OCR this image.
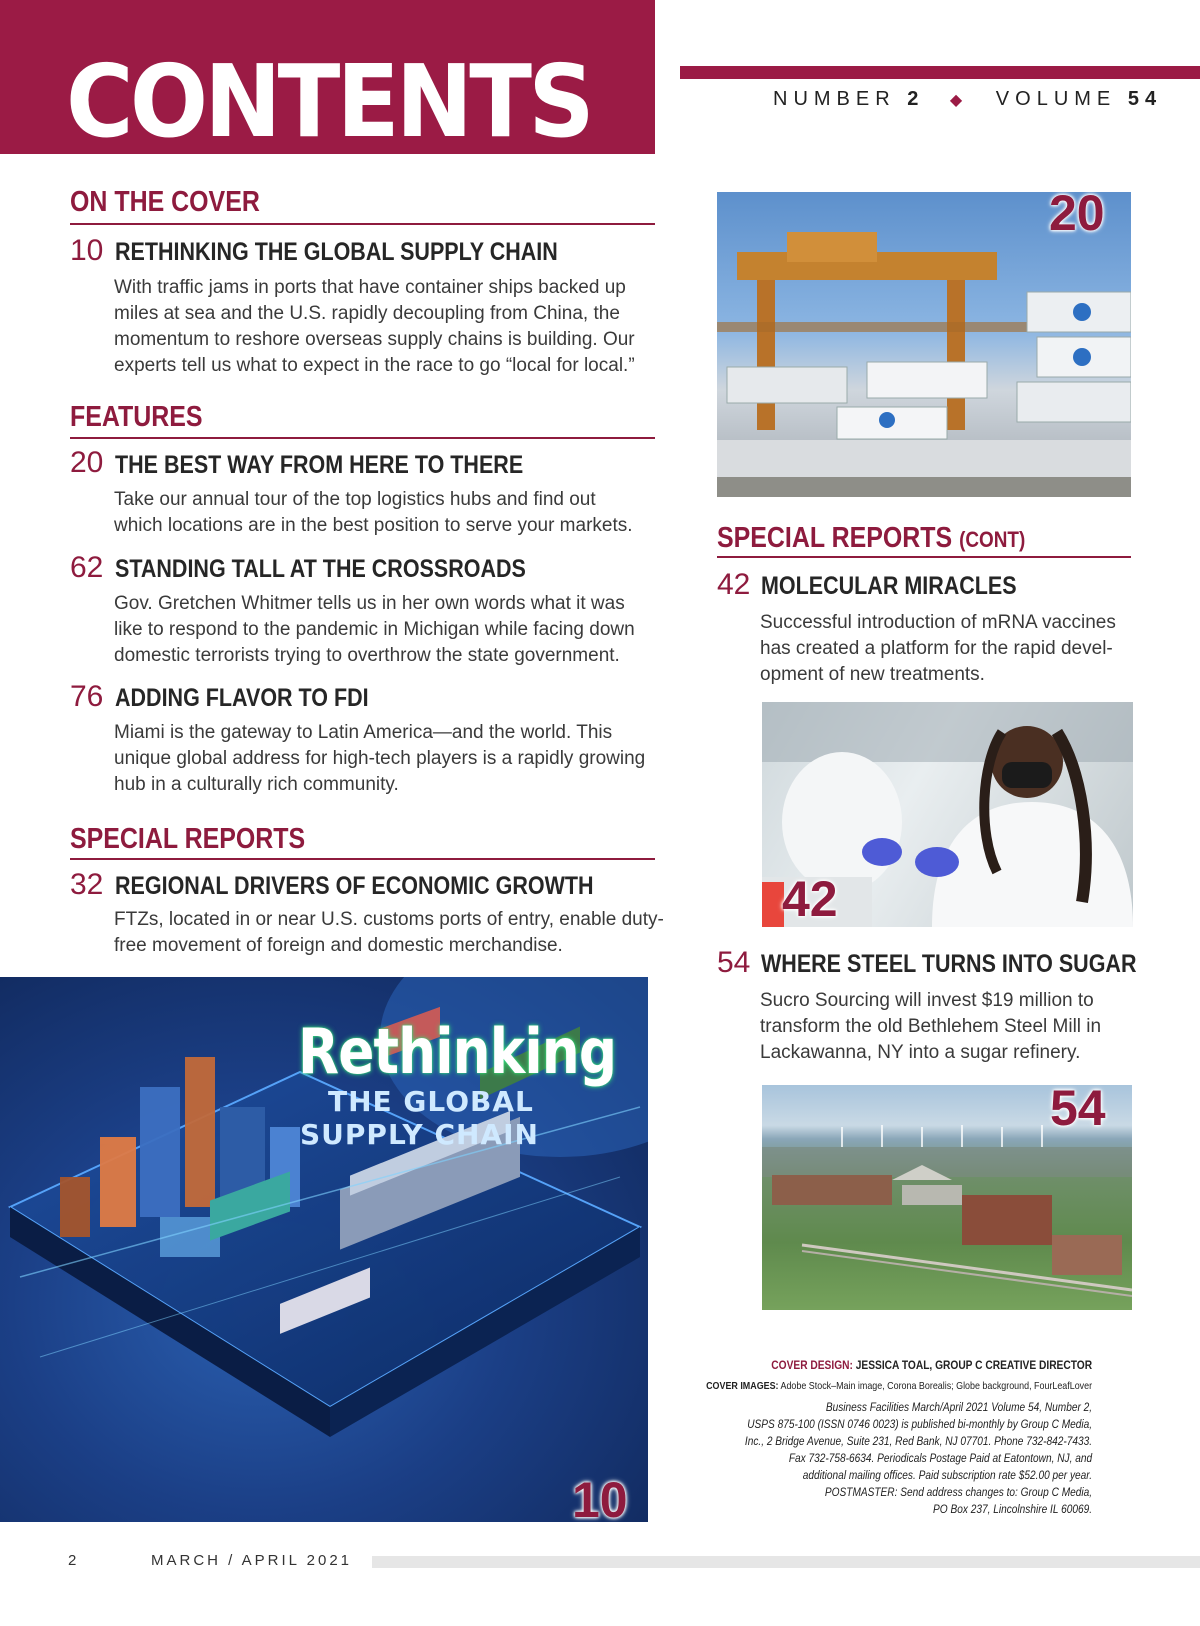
CONTENTS	NUMBER 2 ◆ VOLUME 54
ON THE COVER
10 RETHINKING THE GLOBAL SUPPLY CHAIN
With traffic jams in ports that have container ships backed up
miles at sea and the U.S. rapidly decoupling from China, the
momentum to reshore overseas supply chains is building. Our
experts tell us what to expect in the race to go “local for local.”
FEATURES
20 THE BEST WAY FROM HERE TO THERE
Take our annual tour of the top logistics hubs and find out
which locations are in the best position to serve your markets.
62 STANDING TALL AT THE CROSSROADS
Gov. Gretchen Whitmer tells us in her own words what it was
like to respond to the pandemic in Michigan while facing down
domestic terrorists trying to overthrow the state government.
76 ADDING FLAVOR TO FDI
Miami is the gateway to Latin America—and the world. This
unique global address for high-tech players is a rapidly growing
hub in a culturally rich community.
SPECIAL REPORTS
32 REGIONAL DRIVERS OF ECONOMIC GROWTH
FTZs, located in or near U.S. customs ports of entry, enable duty-
free movement of foreign and domestic merchandise.
Rethinking
THE GLOBAL
SUPPLY CHAIN
10
20
SPECIAL REPORTS (CONT)
42 MOLECULAR MIRACLES
Successful introduction of mRNA vaccines
has created a platform for the rapid devel-
opment of new treatments.
42
54 WHERE STEEL TURNS INTO SUGAR
Sucro Sourcing will invest $19 million to
transform the old Bethlehem Steel Mill in
Lackawanna, NY into a sugar refinery.
54
COVER DESIGN: JESSICA TOAL, GROUP C CREATIVE DIRECTOR
COVER IMAGES: Adobe Stock–Main image, Corona Borealis; Globe background, FourLeafLover
Business Facilities March/April 2021 Volume 54, Number 2,
USPS 875-100 (ISSN 0746 0023) is published bi-monthly by Group C Media,
Inc., 2 Bridge Avenue, Suite 231, Red Bank, NJ 07701. Phone 732-842-7433.
Fax 732-758-6634. Periodicals Postage Paid at Eatontown, NJ, and
additional mailing offices. Paid subscription rate $52.00 per year.
POSTMASTER: Send address changes to: Group C Media,
PO Box 237, Lincolnshire IL 60069.
2	MARCH / APRIL 2021
